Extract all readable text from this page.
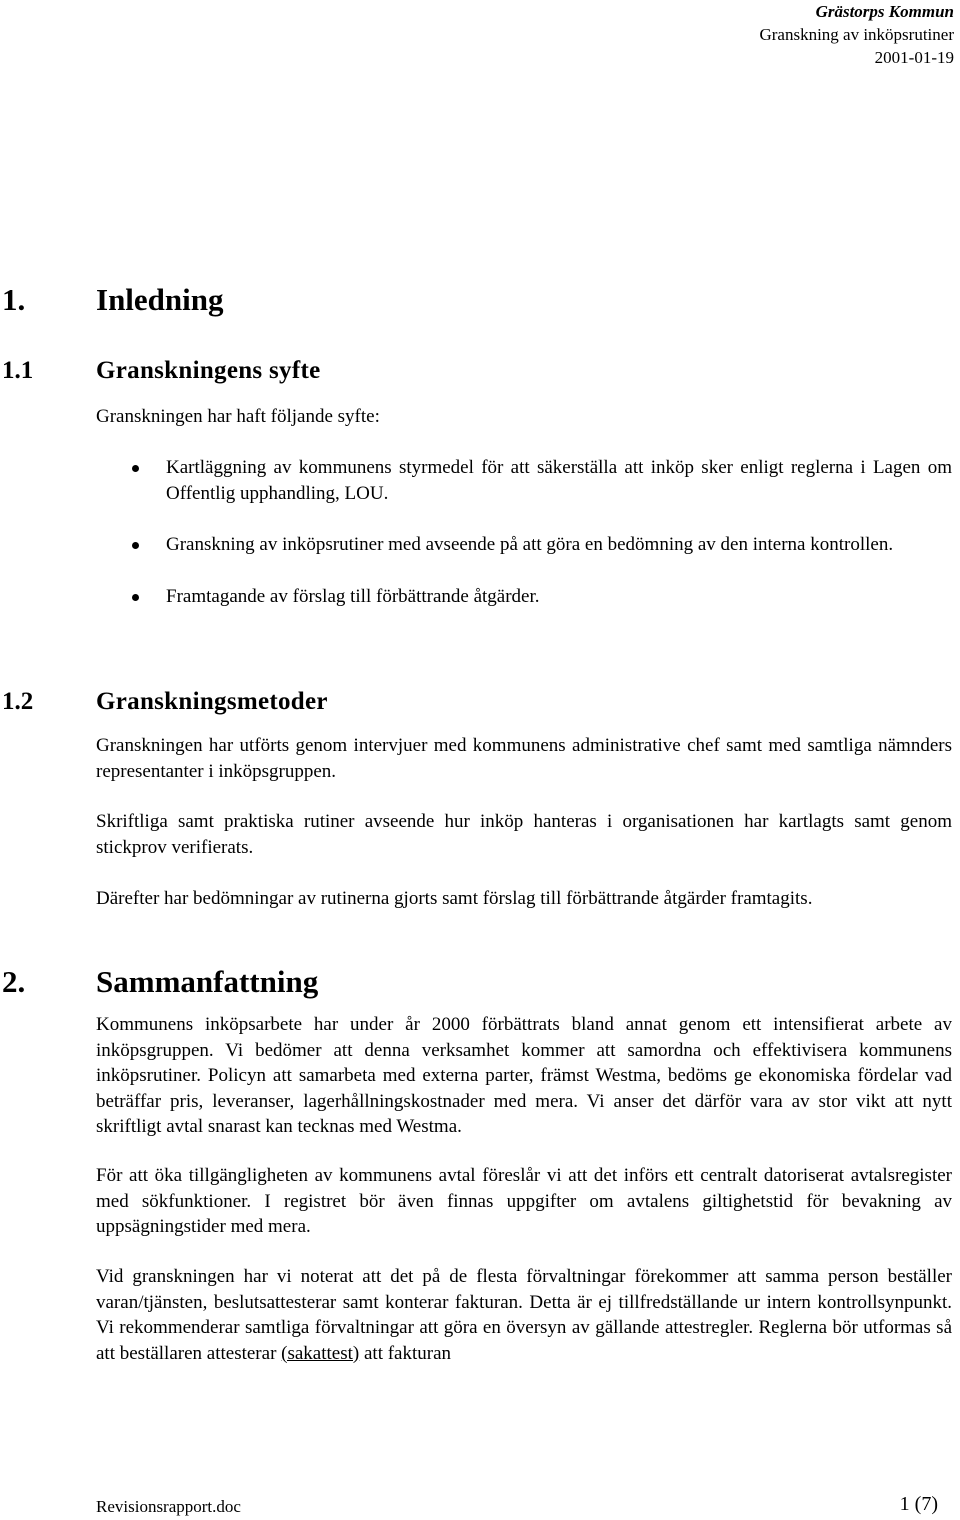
Grästorps Kommun
Granskning av inköpsrutiner
2001-01-19
1. Inledning
1.1	Granskningens syfte

Granskningen har haft följande syfte:

Kartläggning av kommunens styrmedel för att säkerställa att inköp sker enligt reglerna i Lagen om Offentlig upphandling, LOU.
Granskning av inköpsrutiner med avseende på att göra en bedömning av den interna kontrollen.
Framtagande av förslag till förbättrande åtgärder.
1.2	Granskningsmetoder

Granskningen har utförts genom intervjuer med kommunens administrative chef samt med samtliga nämnders representanter i inköpsgruppen.

Skriftliga samt praktiska rutiner avseende hur inköp hanteras i organisationen har kartlagts samt genom stickprov verifierats.

Därefter har bedömningar av rutinerna gjorts samt förslag till förbättrande åtgärder framtagits.

2. Sammanfattning

Kommunens inköpsarbete har under år 2000 förbättrats bland annat genom ett intensifierat arbete av inköpsgruppen. Vi bedömer att denna verksamhet kommer att samordna och effektivisera kommunens inköpsrutiner. Policyn att samarbeta med externa parter, främst Westma, bedöms ge ekonomiska fördelar vad beträffar pris, leveranser, lagerhållningskostnader med mera. Vi anser det därför vara av stor vikt att nytt skriftligt avtal snarast kan tecknas med Westma.

För att öka tillgängligheten av kommunens avtal föreslår vi att det införs ett centralt datoriserat avtalsregister med sökfunktioner. I registret bör även finnas uppgifter om avtalens giltighetstid för bevakning av uppsägningstider med mera.

Vid granskningen har vi noterat att det på de flesta förvaltningar förekommer att samma person beställer varan/tjänsten, beslutsattesterar samt konterar fakturan. Detta är ej tillfredställande ur intern kontrollsynpunkt. Vi rekommenderar samtliga förvaltningar att göra en översyn av gällande attestregler. Reglerna bör utformas så att beställaren attesterar (sakattest) att fakturan

Revisionsrapport.doc	1 (7)
